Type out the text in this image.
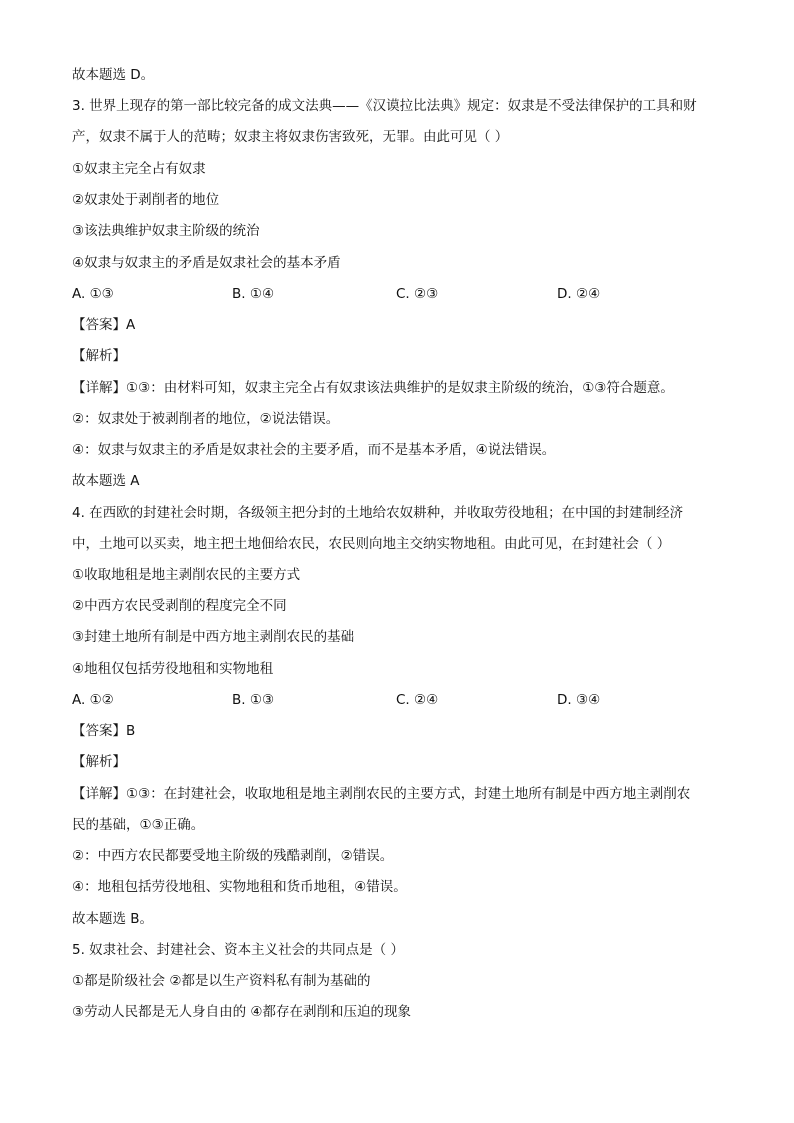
故本题选 D。
3. 世界上现存的第一部比较完备的成文法典——《汉谟拉比法典》规定：奴隶是不受法律保护的工具和财
产，奴隶不属于人的范畴；奴隶主将奴隶伤害致死，无罪。由此可见（ ）
①奴隶主完全占有奴隶
②奴隶处于剥削者的地位
③该法典维护奴隶主阶级的统治
④奴隶与奴隶主的矛盾是奴隶社会的基本矛盾
A. ①③	B. ①④	C. ②③	D. ②④
【答案】A
【解析】
【详解】①③：由材料可知，奴隶主完全占有奴隶该法典维护的是奴隶主阶级的统治，①③符合题意。
②：奴隶处于被剥削者的地位，②说法错误。
④：奴隶与奴隶主的矛盾是奴隶社会的主要矛盾，而不是基本矛盾，④说法错误。
故本题选 A
4. 在西欧的封建社会时期，各级领主把分封的土地给农奴耕种，并收取劳役地租；在中国的封建制经济
中，土地可以买卖，地主把土地佃给农民，农民则向地主交纳实物地租。由此可见，在封建社会（ ）
①收取地租是地主剥削农民的主要方式
②中西方农民受剥削的程度完全不同
③封建土地所有制是中西方地主剥削农民的基础
④地租仅包括劳役地租和实物地租
A. ①②	B. ①③	C. ②④	D. ③④
【答案】B
【解析】
【详解】①③：在封建社会，收取地租是地主剥削农民的主要方式，封建土地所有制是中西方地主剥削农
民的基础，①③正确。
②：中西方农民都要受地主阶级的残酷剥削，②错误。
④：地租包括劳役地租、实物地租和货币地租，④错误。
故本题选 B。
5. 奴隶社会、封建社会、资本主义社会的共同点是（ ）
①都是阶级社会 ②都是以生产资料私有制为基础的
③劳动人民都是无人身自由的 ④都存在剥削和压迫的现象
